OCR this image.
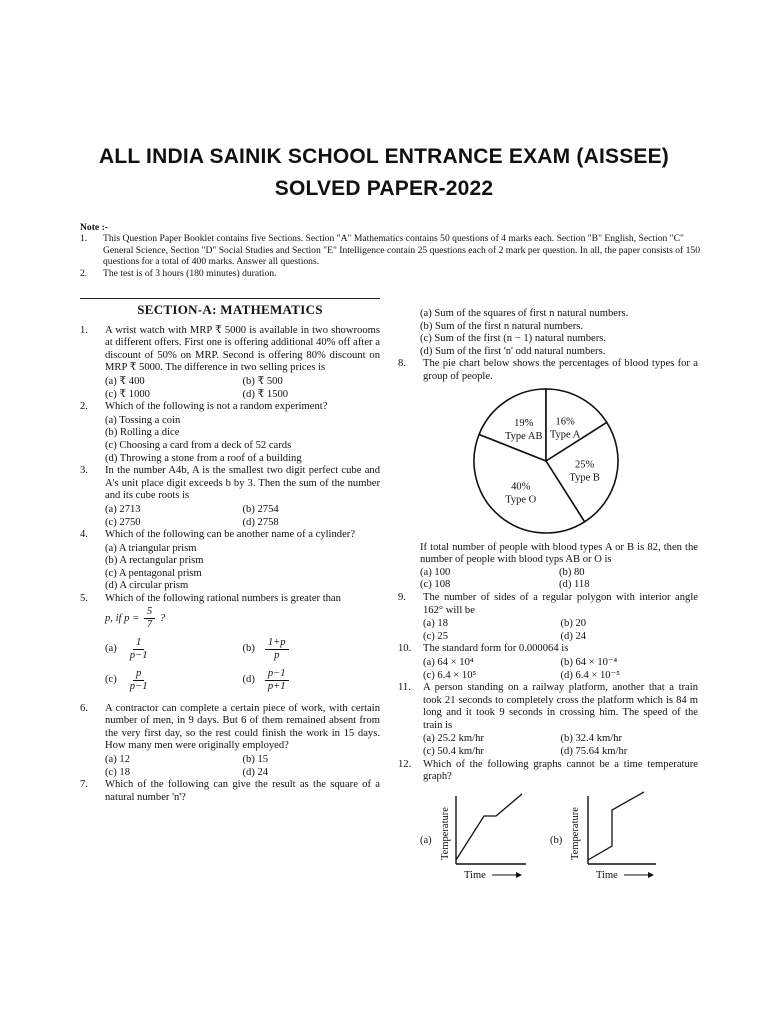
ALL INDIA SAINIK SCHOOL ENTRANCE EXAM (AISSEE)
SOLVED PAPER-2022
Note :-
1.	This Question Paper Booklet contains five Sections. Section "A" Mathematics contains 50 questions of 4 marks each. Section "B" English, Section "C" General Science, Section "D" Social Studies and Section "E" Intelligence contain 25 questions each of 2 mark per question. In all, the paper consists of 150 questions for a total of 400 marks. Answer all questions.
2.	The test is of 3 hours (180 minutes) duration.
SECTION-A: MATHEMATICS
1.	A wrist watch with MRP ₹ 5000 is available in two showrooms at different offers. First one is offering additional 40% off after a discount of 50% on MRP. Second is offering 80% discount on MRP ₹ 5000. The difference in two selling prices is
(a) ₹ 400	(b) ₹ 500
(c) ₹ 1000	(d) ₹ 1500
2.	Which of the following is not a random experiment?
(a) Tossing a coin
(b) Rolling a dice
(c) Choosing a card from a deck of 52 cards
(d) Throwing a stone from a roof of a building
3.	In the number A4b, A is the smallest two digit perfect cube and A's unit place digit exceeds b by 3. Then the sum of the number and its cube roots is
(a) 2713	(b) 2754
(c) 2750	(d) 2758
4.	Which of the following can be another name of a cylinder?
(a) A triangular prism
(b) A rectangular prism
(c) A pentagonal prism
(d) A circular prism
5.	Which of the following rational numbers is greater than
p, if $p = \frac{5}{7}$ ?
$(a) \frac{1}{p-1}$	$(b) \frac{1+p}{p}$
$(c) \frac{p}{p-1}$	$(d) \frac{p-1}{p+1}$
6.	A contractor can complete a certain piece of work, with certain number of men, in 9 days. But 6 of them remained absent from the very first day, so the rest could finish the work in 15 days. How many men were originally employed?
(a) 12	(b) 15
(c) 18	(d) 24
7.	Which of the following can give the result as the square of a natural number 'n'?
(a) Sum of the squares of first n natural numbers.
(b) Sum of the first n natural numbers.
(c) Sum of the first (n − 1) natural numbers.
(d) Sum of the first 'n' odd natural numbers.
8.	The pie chart below shows the percentages of blood types for a group of people.
19%
Type AB
16%
Type A
25%
Type B
40%
Type O
If total number of people with blood types A or B is 82, then the number of people with blood typs AB or O is
(a) 100	(b) 80
(c) 108	(d) 118
9.	The number of sides of a regular polygon with interior angle 162° will be
(a) 18	(b) 20
(c) 25	(d) 24
10.	The standard form for 0.000064 is
(a) 64 × 10⁴	(b) 64 × 10⁻⁴
(c) 6.4 × 10⁵	(d) 6.4 × 10⁻⁵
11.	A person standing on a railway platform, another that a train took 21 seconds to completely cross the platform which is 84 m long and it took 9 seconds in crossing him. The speed of the train is
(a) 25.2 km/hr	(b) 32.4 km/hr
(c) 50.4 km/hr	(d) 75.64 km/hr
12.	Which of the following graphs cannot be a time temperature graph?
(a) Temperature
Time
(b) Temperature
Time
